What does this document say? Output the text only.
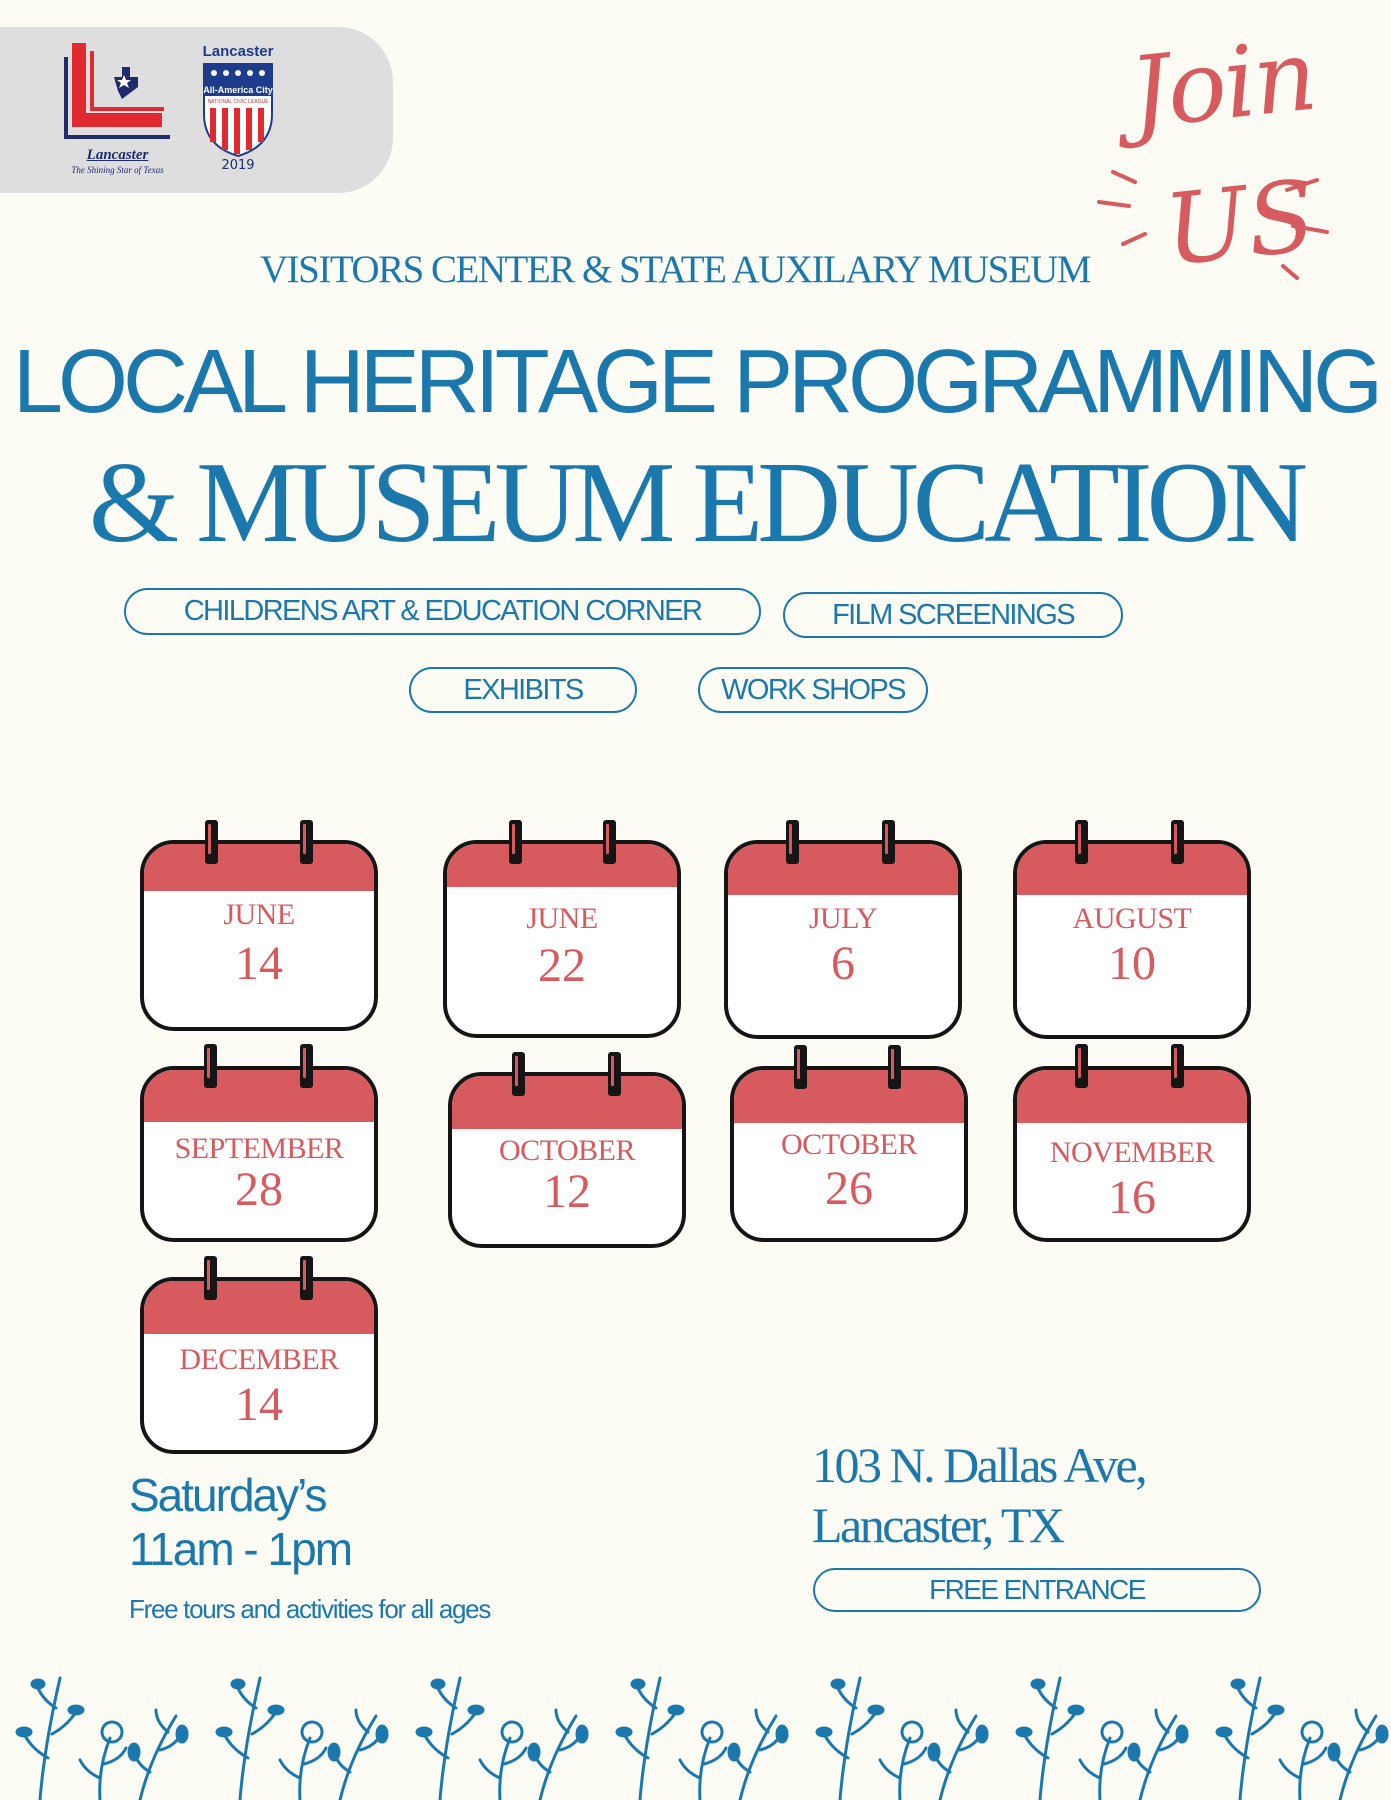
Lancaster
The Shining Star of Texas
Lancaster
All-America City
NATIONAL CIVIC LEAGUE
2019
Join
US
VISITORS CENTER & STATE AUXILARY MUSEUM
LOCAL HERITAGE PROGRAMMING
& MUSEUM EDUCATION
CHILDRENS ART & EDUCATION CORNER	FILM SCREENINGS
EXHIBITS	WORK SHOPS
JUNE
14
JUNE
22
JULY
6
AUGUST
10
SEPTEMBER
28
OCTOBER
12
OCTOBER
26
NOVEMBER
16
DECEMBER
14
Saturday’s
11am - 1pm
Free tours and activities for all ages
103 N. Dallas Ave,
Lancaster, TX
FREE ENTRANCE
